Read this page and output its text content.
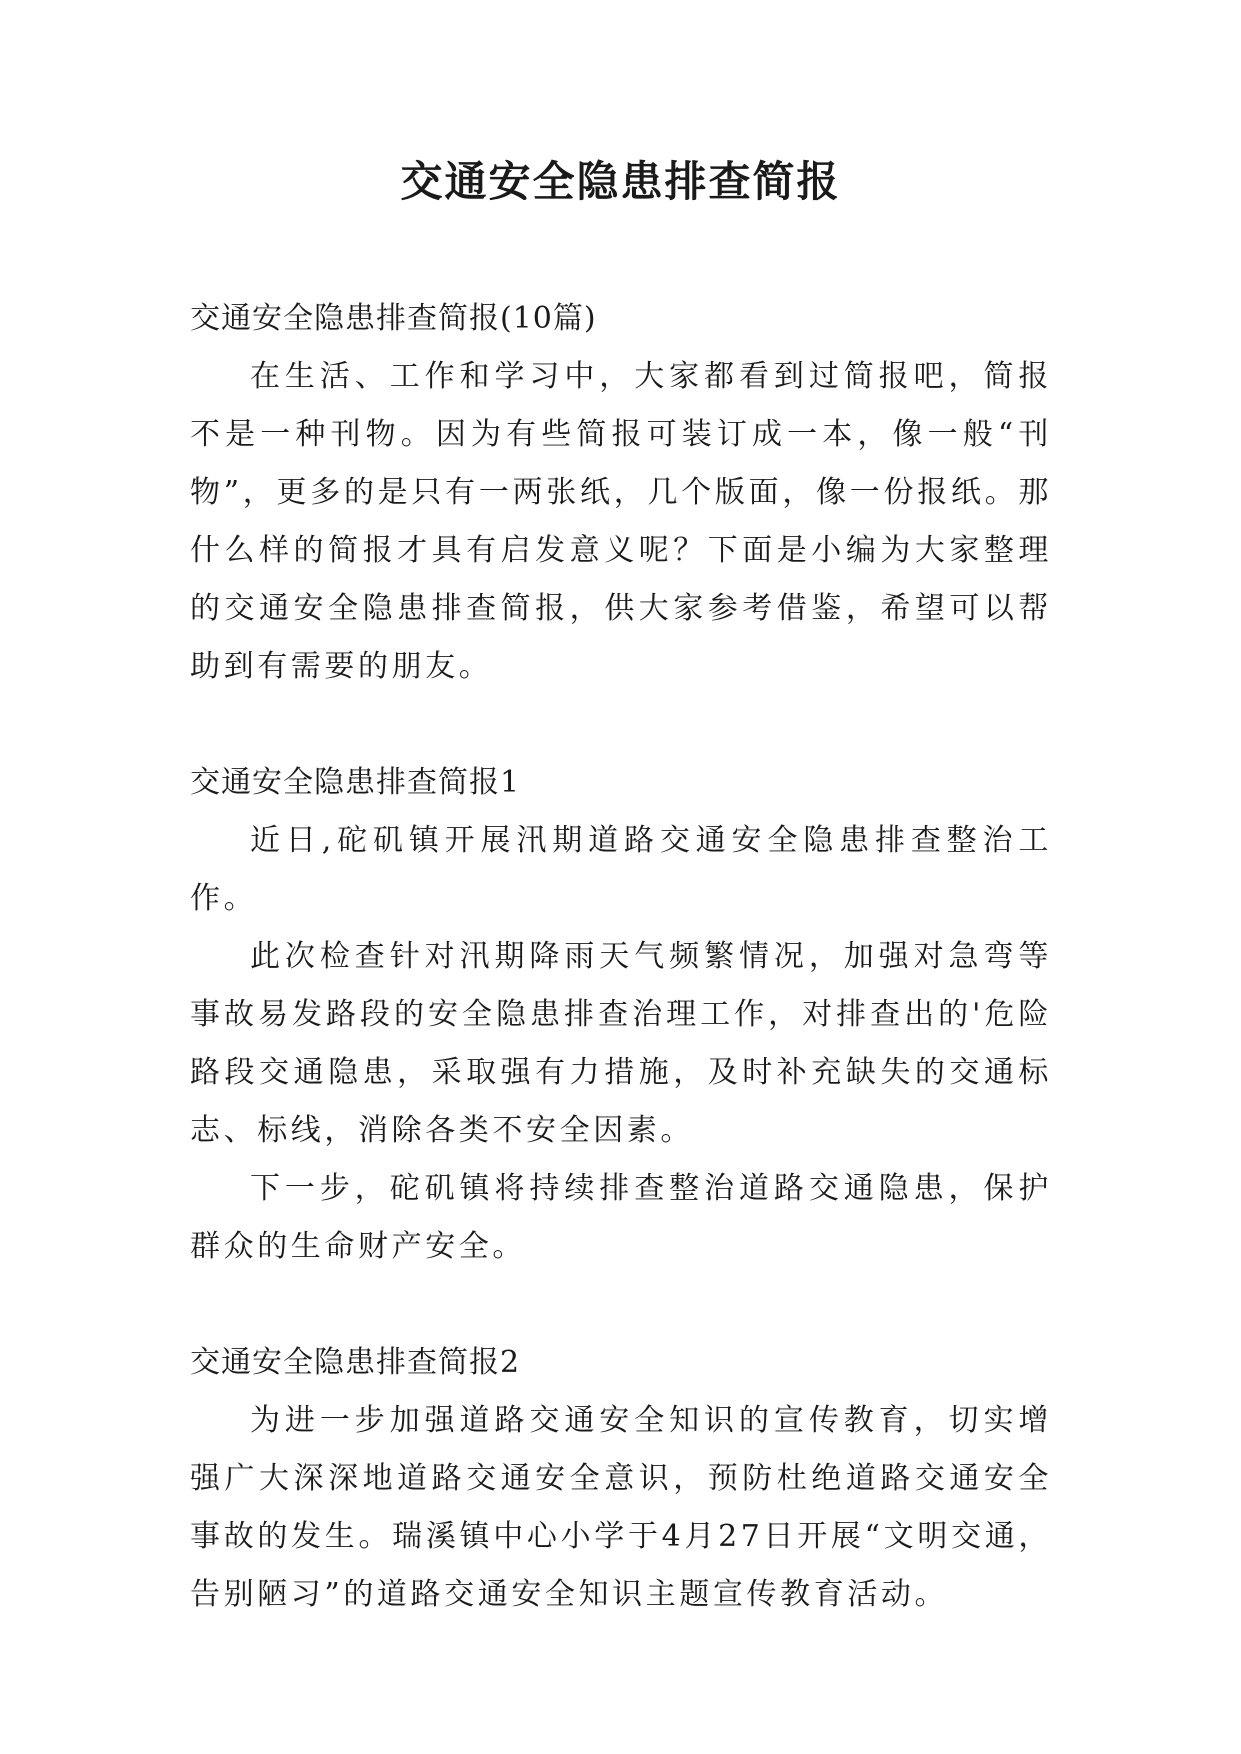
交通安全隐患排查简报

交通安全隐患排查简报(10篇)

在生活、工作和学习中，大家都看到过简报吧，简报不是一种刊物。因为有些简报可装订成一本，像一般“刊物”，更多的是只有一两张纸，几个版面，像一份报纸。那什么样的简报才具有启发意义呢？下面是小编为大家整理的交通安全隐患排查简报，供大家参考借鉴，希望可以帮助到有需要的朋友。

交通安全隐患排查简报1

近日,砣矶镇开展汛期道路交通安全隐患排查整治工作。

此次检查针对汛期降雨天气频繁情况，加强对急弯等事故易发路段的安全隐患排查治理工作，对排查出的'危险路段交通隐患，采取强有力措施，及时补充缺失的交通标志、标线，消除各类不安全因素。

下一步，砣矶镇将持续排查整治道路交通隐患，保护群众的生命财产安全。

交通安全隐患排查简报2

为进一步加强道路交通安全知识的宣传教育，切实增强广大深深地道路交通安全意识，预防杜绝道路交通安全事故的发生。瑞溪镇中心小学于4月27日开展“文明交通，告别陋习”的道路交通安全知识主题宣传教育活动。
